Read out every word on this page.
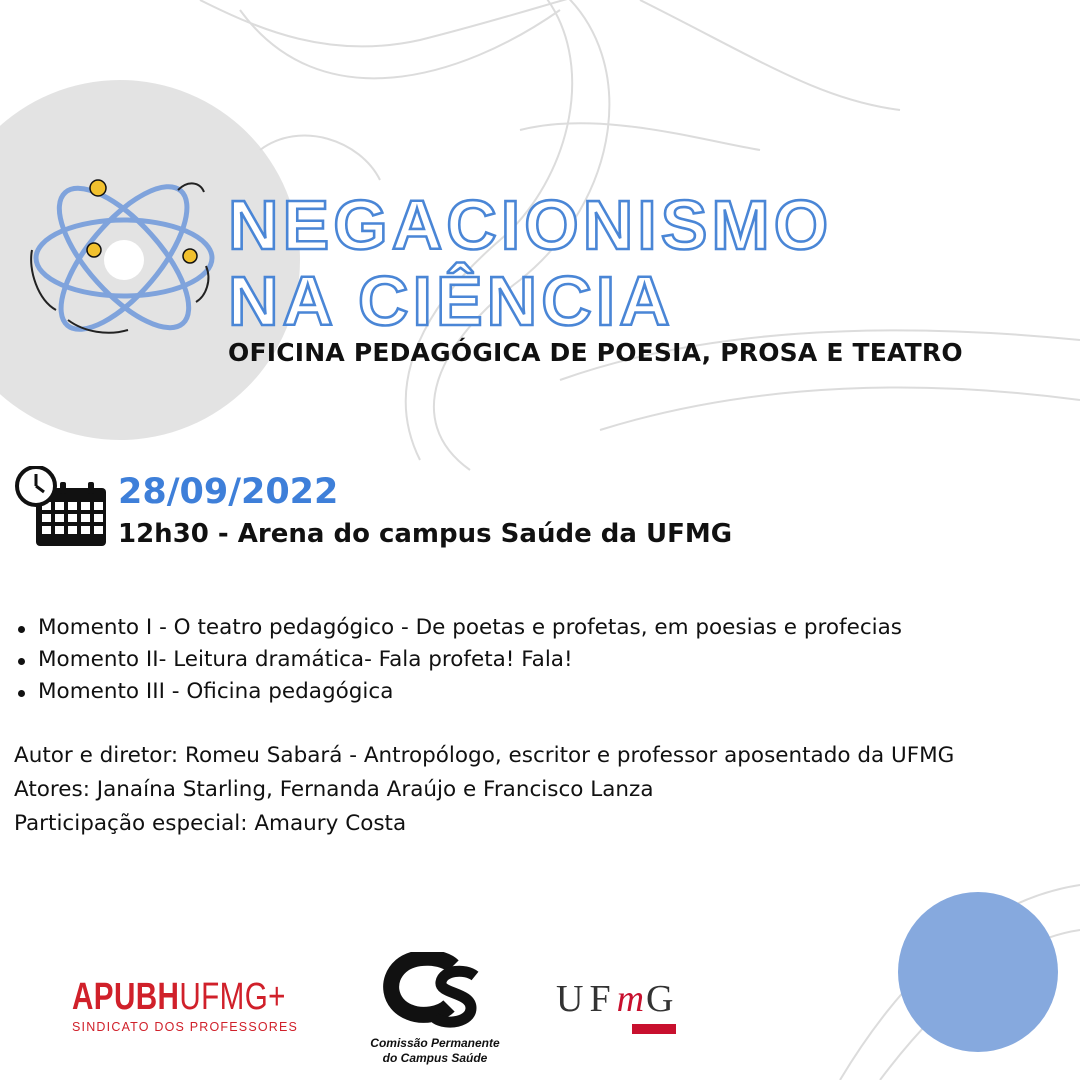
NEGACIONISMO
NA CIÊNCIA
OFICINA PEDAGÓGICA DE POESIA, PROSA E TEATRO
28/09/2022
12h30 - Arena do campus Saúde da UFMG
Momento I - O teatro pedagógico - De poetas e profetas, em poesias e profecias
Momento II- Leitura dramática- Fala profeta! Fala!
Momento III - Oficina pedagógica
Autor e diretor: Romeu Sabará - Antropólogo, escritor e professor aposentado da UFMG
Atores: Janaína Starling, Fernanda Araújo e Francisco Lanza
Participação especial: Amaury Costa
APUBHUFMG+
SINDICATO DOS PROFESSORES
Comissão Permanente
do Campus Saúde
UFmG
